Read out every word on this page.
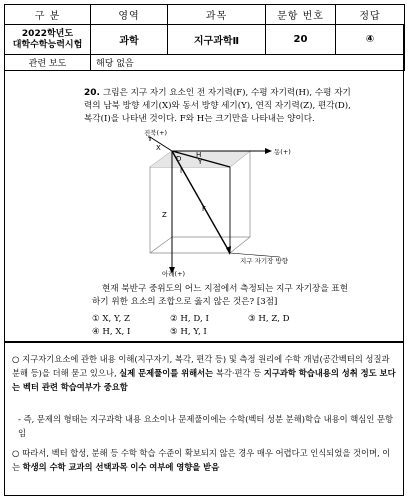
구 분	영역	과목	문항 번호	정답

2022학년도
대학수학능력시험	과학	지구과학Ⅱ	20	④
관련 보도	해당 없음			
20. 그림은 지구 자기 요소인 전 자기력(F), 수평 자기력(H), 수평 자기력의 남북 방향 세기(X)와 동서 방향 세기(Y), 연직 자기력(Z), 편각(D), 복각(I)을 나타낸 것이다. F와 H는 크기만을 나타내는 양이다.
진북(+)
동(+)
아래(+)
지구 자기장 방향
X
Y
Z
H
F
D
I
현재 북반구 중위도의 어느 지점에서 측정되는 지구 자기장을 표현하기 위한 요소의 조합으로 옳지 않은 것은? [3점]
① X, Y, Z	② H, D, I	③ H, Z, D
④ H, X, I	⑤ H, Y, I
○ 지구자기요소에 관한 내용 이해(지구자기, 복각, 편각 등) 및 측정 원리에 수학 개념(공간벡터의 성질과 분해 등)을 더해 묻고 있으나, 실제 문제풀이를 위해서는 복각·편각 등 지구과학 학습내용의 성취 정도 보다는 벡터 관련 학습여부가 중요함
- 즉, 문제의 형태는 지구과학 내용 요소이나 문제풀이에는 수학(벡터 성분 분해)학습 내용이 핵심인 문항임
○ 따라서, 벡터 합성, 분해 등 수학 학습 수준이 확보되지 않은 경우 매우 어렵다고 인식되었을 것이며, 이는 학생의 수학 교과의 선택과목 이수 여부에 영향을 받음
